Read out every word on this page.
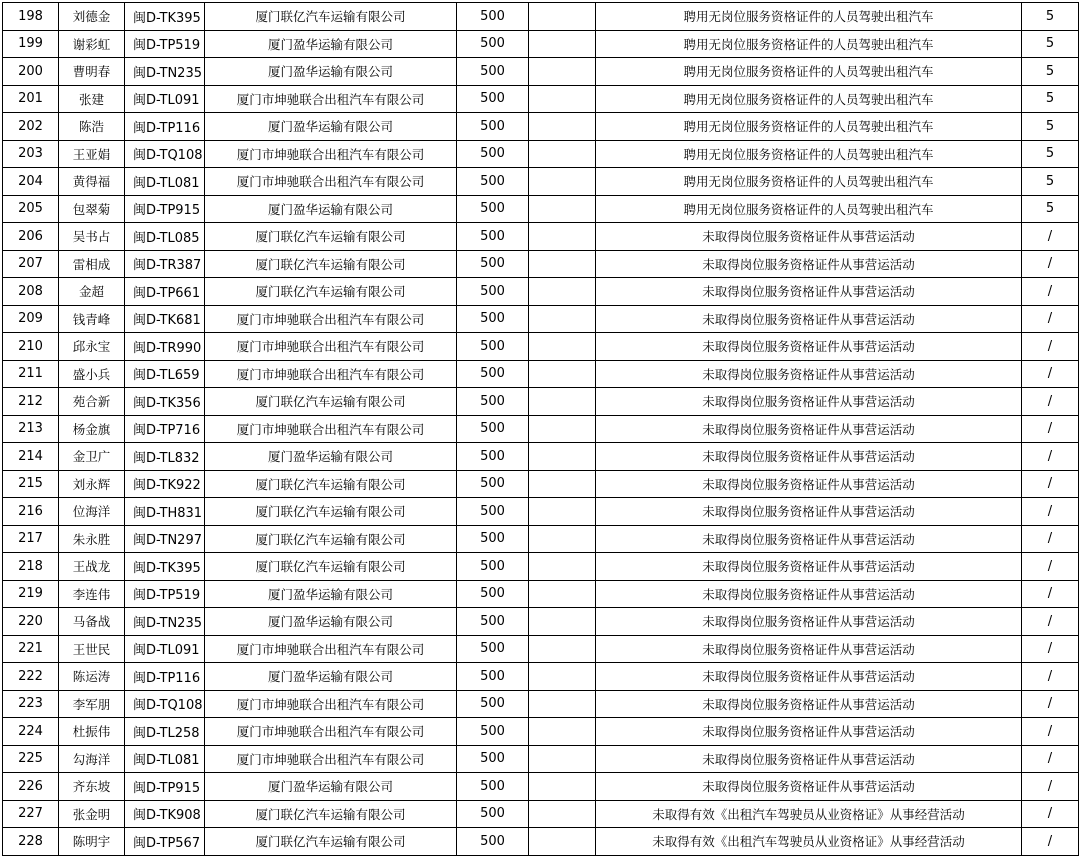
198	刘德金	闽D-TK395	厦门联亿汽车运输有限公司	500		聘用无岗位服务资格证件的人员驾驶出租汽车	5
199	谢彩虹	闽D-TP519	厦门盈华运输有限公司	500		聘用无岗位服务资格证件的人员驾驶出租汽车	5
200	曹明春	闽D-TN235	厦门盈华运输有限公司	500		聘用无岗位服务资格证件的人员驾驶出租汽车	5
201	张建	闽D-TL091	厦门市坤驰联合出租汽车有限公司	500		聘用无岗位服务资格证件的人员驾驶出租汽车	5
202	陈浩	闽D-TP116	厦门盈华运输有限公司	500		聘用无岗位服务资格证件的人员驾驶出租汽车	5
203	王亚娟	闽D-TQ108	厦门市坤驰联合出租汽车有限公司	500		聘用无岗位服务资格证件的人员驾驶出租汽车	5
204	黄得福	闽D-TL081	厦门市坤驰联合出租汽车有限公司	500		聘用无岗位服务资格证件的人员驾驶出租汽车	5
205	包翠菊	闽D-TP915	厦门盈华运输有限公司	500		聘用无岗位服务资格证件的人员驾驶出租汽车	5
206	吴书占	闽D-TL085	厦门联亿汽车运输有限公司	500		未取得岗位服务资格证件从事营运活动	/
207	雷相成	闽D-TR387	厦门联亿汽车运输有限公司	500		未取得岗位服务资格证件从事营运活动	/
208	金超	闽D-TP661	厦门联亿汽车运输有限公司	500		未取得岗位服务资格证件从事营运活动	/
209	钱青峰	闽D-TK681	厦门市坤驰联合出租汽车有限公司	500		未取得岗位服务资格证件从事营运活动	/
210	邱永宝	闽D-TR990	厦门市坤驰联合出租汽车有限公司	500		未取得岗位服务资格证件从事营运活动	/
211	盛小兵	闽D-TL659	厦门市坤驰联合出租汽车有限公司	500		未取得岗位服务资格证件从事营运活动	/
212	苑合新	闽D-TK356	厦门联亿汽车运输有限公司	500		未取得岗位服务资格证件从事营运活动	/
213	杨金旗	闽D-TP716	厦门市坤驰联合出租汽车有限公司	500		未取得岗位服务资格证件从事营运活动	/
214	金卫广	闽D-TL832	厦门盈华运输有限公司	500		未取得岗位服务资格证件从事营运活动	/
215	刘永辉	闽D-TK922	厦门联亿汽车运输有限公司	500		未取得岗位服务资格证件从事营运活动	/
216	位海洋	闽D-TH831	厦门联亿汽车运输有限公司	500		未取得岗位服务资格证件从事营运活动	/
217	朱永胜	闽D-TN297	厦门联亿汽车运输有限公司	500		未取得岗位服务资格证件从事营运活动	/
218	王战龙	闽D-TK395	厦门联亿汽车运输有限公司	500		未取得岗位服务资格证件从事营运活动	/
219	李连伟	闽D-TP519	厦门盈华运输有限公司	500		未取得岗位服务资格证件从事营运活动	/
220	马备战	闽D-TN235	厦门盈华运输有限公司	500		未取得岗位服务资格证件从事营运活动	/
221	王世民	闽D-TL091	厦门市坤驰联合出租汽车有限公司	500		未取得岗位服务资格证件从事营运活动	/
222	陈运涛	闽D-TP116	厦门盈华运输有限公司	500		未取得岗位服务资格证件从事营运活动	/
223	李军朋	闽D-TQ108	厦门市坤驰联合出租汽车有限公司	500		未取得岗位服务资格证件从事营运活动	/
224	杜振伟	闽D-TL258	厦门市坤驰联合出租汽车有限公司	500		未取得岗位服务资格证件从事营运活动	/
225	勾海洋	闽D-TL081	厦门市坤驰联合出租汽车有限公司	500		未取得岗位服务资格证件从事营运活动	/
226	齐东坡	闽D-TP915	厦门盈华运输有限公司	500		未取得岗位服务资格证件从事营运活动	/
227	张金明	闽D-TK908	厦门联亿汽车运输有限公司	500		未取得有效《出租汽车驾驶员从业资格证》从事经营活动	/
228	陈明宇	闽D-TP567	厦门联亿汽车运输有限公司	500		未取得有效《出租汽车驾驶员从业资格证》从事经营活动	/
